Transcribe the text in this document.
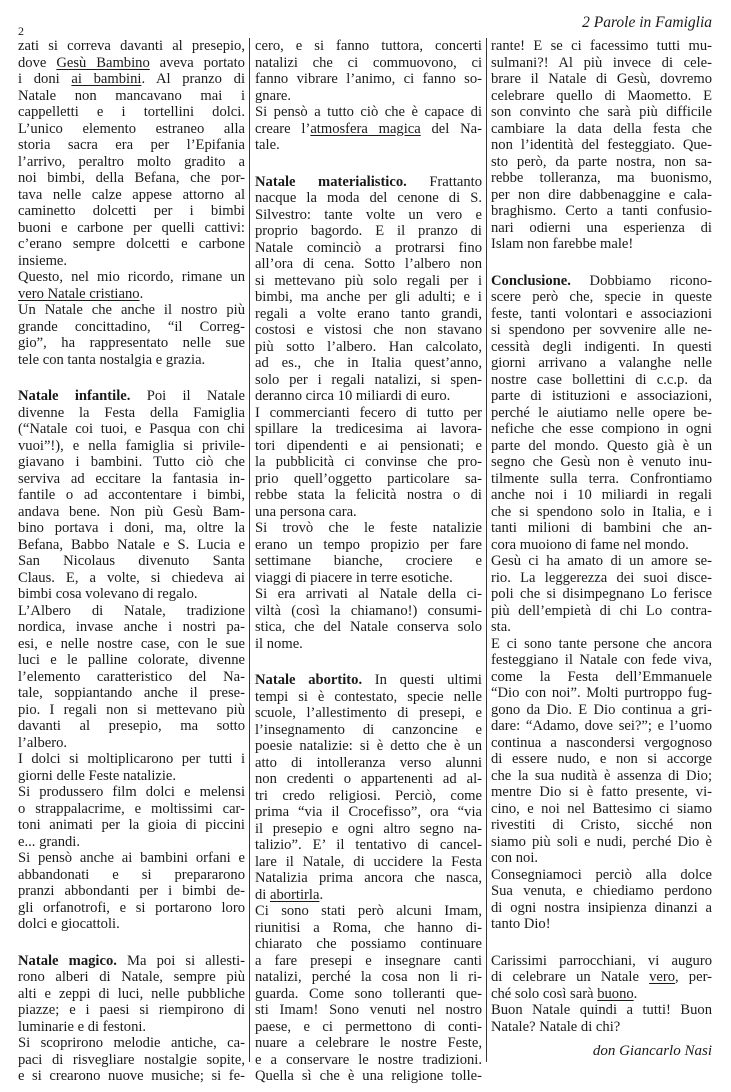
2	2 Parole in Famiglia
zati si correva davanti al presepio,
dove Gesù Bambino aveva portato
i doni ai bambini. Al pranzo di
Natale non mancavano mai i
cappelletti e i tortellini dolci.
L’unico elemento estraneo alla
storia sacra era per l’Epifania
l’arrivo, peraltro molto gradito a
noi bimbi, della Befana, che por-
tava nelle calze appese attorno al
caminetto dolcetti per i bimbi
buoni e carbone per quelli cattivi:
c’erano sempre dolcetti e carbone
insieme.
Questo, nel mio ricordo, rimane un
vero Natale cristiano.
Un Natale che anche il nostro più
grande concittadino, “il Correg-
gio”, ha rappresentato nelle sue
tele con tanta nostalgia e grazia.
Natale infantile. Poi il Natale
divenne la Festa della Famiglia
(“Natale coi tuoi, e Pasqua con chi
vuoi”!), e nella famiglia si privile-
giavano i bambini. Tutto ciò che
serviva ad eccitare la fantasia in-
fantile o ad accontentare i bimbi,
andava bene. Non più Gesù Bam-
bino portava i doni, ma, oltre la
Befana, Babbo Natale e S. Lucia e
San Nicolaus divenuto Santa
Claus. E, a volte, si chiedeva ai
bimbi cosa volevano di regalo.
L’Albero di Natale, tradizione
nordica, invase anche i nostri pa-
esi, e nelle nostre case, con le sue
luci e le palline colorate, divenne
l’elemento caratteristico del Na-
tale, soppiantando anche il prese-
pio. I regali non si mettevano più
davanti al presepio, ma sotto
l’albero.
I dolci si moltiplicarono per tutti i
giorni delle Feste natalizie.
Si produssero film dolci e melensi
o strappalacrime, e moltissimi car-
toni animati per la gioia di piccini
e... grandi.
Si pensò anche ai bambini orfani e
abbandonati e si prepararono
pranzi abbondanti per i bimbi de-
gli orfanotrofi, e si portarono loro
dolci e giocattoli.
Natale magico. Ma poi si allesti-
rono alberi di Natale, sempre più
alti e zeppi di luci, nelle pubbliche
piazze; e i paesi si riempirono di
luminarie e di festoni.
Si scoprirono melodie antiche, ca-
paci di risvegliare nostalgie sopite,
e si crearono nuove musiche; si fe-
cero, e si fanno tuttora, concerti
natalizi che ci commuovono, ci
fanno vibrare l’animo, ci fanno so-
gnare.
Si pensò a tutto ciò che è capace di
creare l’atmosfera magica del Na-
tale.
Natale materialistico. Frattanto
nacque la moda del cenone di S.
Silvestro: tante volte un vero e
proprio bagordo. E il pranzo di
Natale cominciò a protrarsi fino
all’ora di cena. Sotto l’albero non
si mettevano più solo regali per i
bimbi, ma anche per gli adulti; e i
regali a volte erano tanto grandi,
costosi e vistosi che non stavano
più sotto l’albero. Han calcolato,
ad es., che in Italia quest’anno,
solo per i regali natalizi, si spen-
deranno circa 10 miliardi di euro.
I commercianti fecero di tutto per
spillare la tredicesima ai lavora-
tori dipendenti e ai pensionati; e
la pubblicità ci convinse che pro-
prio quell’oggetto particolare sa-
rebbe stata la felicità nostra o di
una persona cara.
Si trovò che le feste natalizie
erano un tempo propizio per fare
settimane bianche, crociere e
viaggi di piacere in terre esotiche.
Si era arrivati al Natale della ci-
viltà (così la chiamano!) consumi-
stica, che del Natale conserva solo
il nome.
Natale abortito. In questi ultimi
tempi si è contestato, specie nelle
scuole, l’allestimento di presepi, e
l’insegnamento di canzoncine e
poesie natalizie: si è detto che è un
atto di intolleranza verso alunni
non credenti o appartenenti ad al-
tri credo religiosi. Perciò, come
prima “via il Crocefisso”, ora “via
il presepio e ogni altro segno na-
talizio”. E’ il tentativo di cancel-
lare il Natale, di uccidere la Festa
Natalizia prima ancora che nasca,
di abortirla.
Ci sono stati però alcuni Imam,
riunitisi a Roma, che hanno di-
chiarato che possiamo continuare
a fare presepi e insegnare canti
natalizi, perché la cosa non li ri-
guarda. Come sono tolleranti que-
sti Imam! Sono venuti nel nostro
paese, e ci permettono di conti-
nuare a celebrare le nostre Feste,
e a conservare le nostre tradizioni.
Quella sì che è una religione tolle-
rante! E se ci facessimo tutti mu-
sulmani?! Al più invece di cele-
brare il Natale di Gesù, dovremo
celebrare quello di Maometto. E
son convinto che sarà più difficile
cambiare la data della festa che
non l’identità del festeggiato. Que-
sto però, da parte nostra, non sa-
rebbe tolleranza, ma buonismo,
per non dire dabbenaggine e cala-
braghismo. Certo a tanti confusio-
nari odierni una esperienza di
Islam non farebbe male!
Conclusione. Dobbiamo ricono-
scere però che, specie in queste
feste, tanti volontari e associazioni
si spendono per sovvenire alle ne-
cessità degli indigenti. In questi
giorni arrivano a valanghe nelle
nostre case bollettini di c.c.p. da
parte di istituzioni e associazioni,
perché le aiutiamo nelle opere be-
nefiche che esse compiono in ogni
parte del mondo. Questo già è un
segno che Gesù non è venuto inu-
tilmente sulla terra. Confrontiamo
anche noi i 10 miliardi in regali
che si spendono solo in Italia, e i
tanti milioni di bambini che an-
cora muoiono di fame nel mondo.
Gesù ci ha amato di un amore se-
rio. La leggerezza dei suoi disce-
poli che si disimpegnano Lo ferisce
più dell’empietà di chi Lo contra-
sta.
E ci sono tante persone che ancora
festeggiano il Natale con fede viva,
come la Festa dell’Emmanuele
“Dio con noi”. Molti purtroppo fug-
gono da Dio. E Dio continua a gri-
dare: “Adamo, dove sei?”; e l’uomo
continua a nascondersi vergognoso
di essere nudo, e non si accorge
che la sua nudità è assenza di Dio;
mentre Dio si è fatto presente, vi-
cino, e noi nel Battesimo ci siamo
rivestiti di Cristo, sicché non
siamo più soli e nudi, perché Dio è
con noi.
Consegniamoci perciò alla dolce
Sua venuta, e chiediamo perdono
di ogni nostra insipienza dinanzi a
tanto Dio!
Carissimi parrocchiani, vi auguro
di celebrare un Natale vero, per-
ché solo così sarà buono.
Buon Natale quindi a tutti! Buon
Natale? Natale di chi?
don Giancarlo Nasi
